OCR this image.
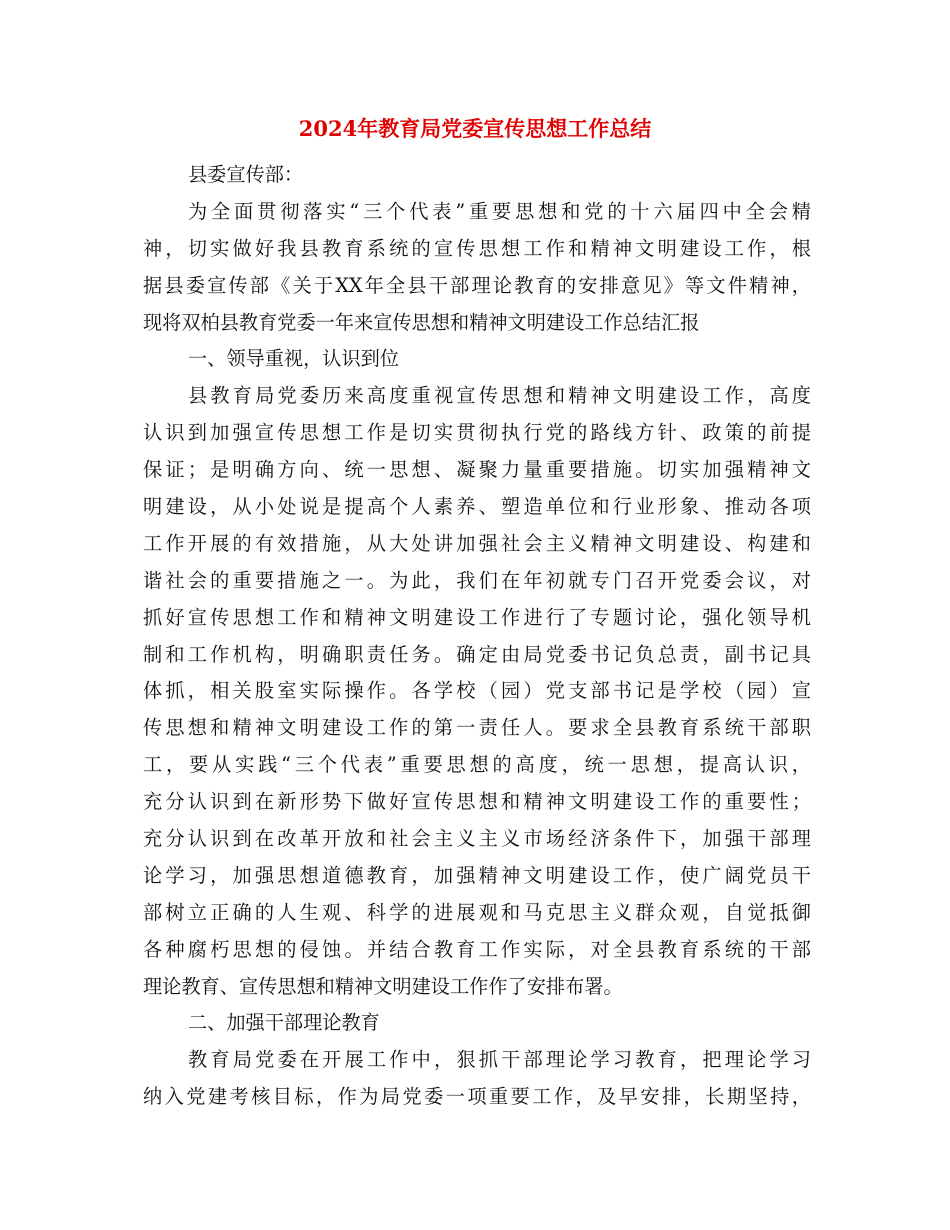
2024年教育局党委宣传思想工作总结
县委宣传部：
为全面贯彻落实“三个代表”重要思想和党的十六届四中全会精
神，切实做好我县教育系统的宣传思想工作和精神文明建设工作，根
据县委宣传部《关于XX年全县干部理论教育的安排意见》等文件精神，
现将双柏县教育党委一年来宣传思想和精神文明建设工作总结汇报
一、领导重视，认识到位
县教育局党委历来高度重视宣传思想和精神文明建设工作，高度
认识到加强宣传思想工作是切实贯彻执行党的路线方针、政策的前提
保证；是明确方向、统一思想、凝聚力量重要措施。切实加强精神文
明建设，从小处说是提高个人素养、塑造单位和行业形象、推动各项
工作开展的有效措施，从大处讲加强社会主义精神文明建设、构建和
谐社会的重要措施之一。为此，我们在年初就专门召开党委会议，对
抓好宣传思想工作和精神文明建设工作进行了专题讨论，强化领导机
制和工作机构，明确职责任务。确定由局党委书记负总责，副书记具
体抓，相关股室实际操作。各学校（园）党支部书记是学校（园）宣
传思想和精神文明建设工作的第一责任人。要求全县教育系统干部职
工，要从实践“三个代表”重要思想的高度，统一思想，提高认识，
充分认识到在新形势下做好宣传思想和精神文明建设工作的重要性；
充分认识到在改革开放和社会主义主义市场经济条件下，加强干部理
论学习，加强思想道德教育，加强精神文明建设工作，使广阔党员干
部树立正确的人生观、科学的进展观和马克思主义群众观，自觉抵御
各种腐朽思想的侵蚀。并结合教育工作实际，对全县教育系统的干部
理论教育、宣传思想和精神文明建设工作作了安排布署。
二、加强干部理论教育
教育局党委在开展工作中，狠抓干部理论学习教育，把理论学习
纳入党建考核目标，作为局党委一项重要工作，及早安排，长期坚持，
